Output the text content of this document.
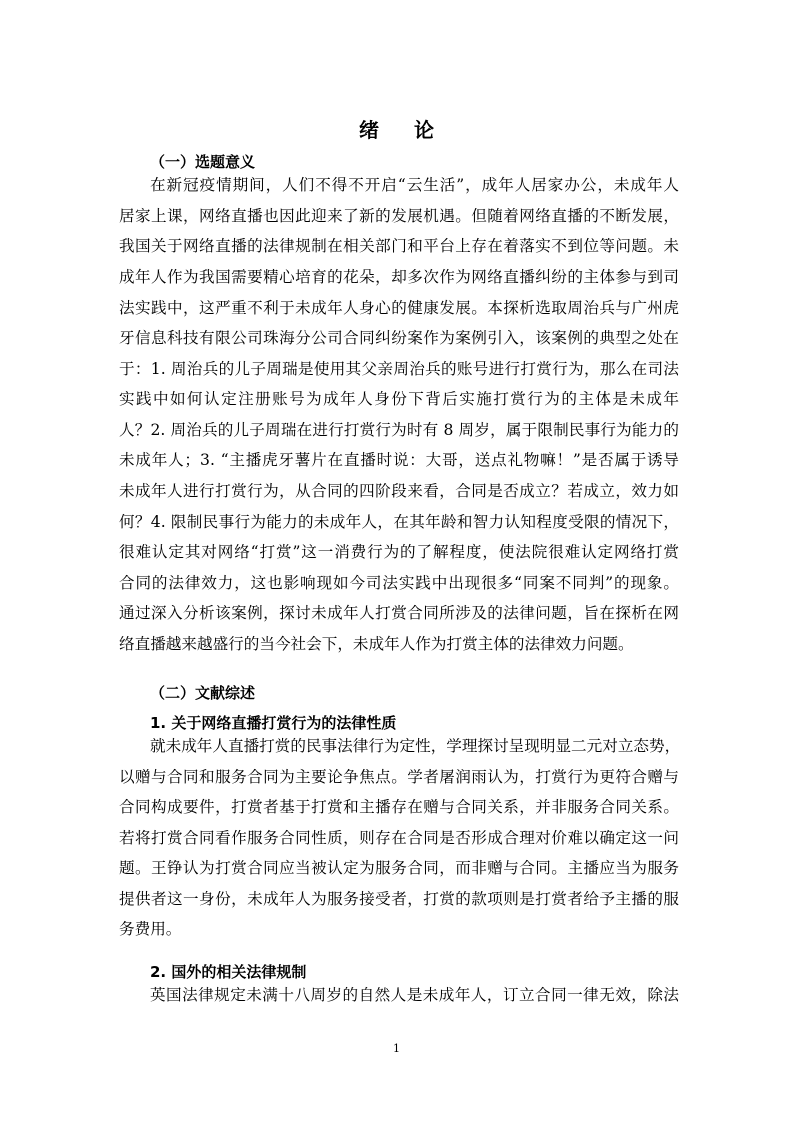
绪 论
（一）选题意义
在新冠疫情期间，人们不得不开启“云生活”，成年人居家办公，未成年人
居家上课，网络直播也因此迎来了新的发展机遇。但随着网络直播的不断发展，
我国关于网络直播的法律规制在相关部门和平台上存在着落实不到位等问题。未
成年人作为我国需要精心培育的花朵，却多次作为网络直播纠纷的主体参与到司
法实践中，这严重不利于未成年人身心的健康发展。本探析选取周治兵与广州虎
牙信息科技有限公司珠海分公司合同纠纷案作为案例引入，该案例的典型之处在
于：1. 周治兵的儿子周瑞是使用其父亲周治兵的账号进行打赏行为，那么在司法
实践中如何认定注册账号为成年人身份下背后实施打赏行为的主体是未成年
人？2. 周治兵的儿子周瑞在进行打赏行为时有 8 周岁，属于限制民事行为能力的
未成年人；3. “主播虎牙薯片在直播时说：大哥，送点礼物嘛！”是否属于诱导
未成年人进行打赏行为，从合同的四阶段来看，合同是否成立？若成立，效力如
何？4. 限制民事行为能力的未成年人，在其年龄和智力认知程度受限的情况下，
很难认定其对网络“打赏”这一消费行为的了解程度，使法院很难认定网络打赏
合同的法律效力，这也影响现如今司法实践中出现很多“同案不同判”的现象。
通过深入分析该案例，探讨未成年人打赏合同所涉及的法律问题，旨在探析在网
络直播越来越盛行的当今社会下，未成年人作为打赏主体的法律效力问题。
（二）文献综述
1. 关于网络直播打赏行为的法律性质
就未成年人直播打赏的民事法律行为定性，学理探讨呈现明显二元对立态势，
以赠与合同和服务合同为主要论争焦点。学者屠润雨认为，打赏行为更符合赠与
合同构成要件，打赏者基于打赏和主播存在赠与合同关系，并非服务合同关系。
若将打赏合同看作服务合同性质，则存在合同是否形成合理对价难以确定这一问
题。王铮认为打赏合同应当被认定为服务合同，而非赠与合同。主播应当为服务
提供者这一身份，未成年人为服务接受者，打赏的款项则是打赏者给予主播的服
务费用。
2. 国外的相关法律规制
英国法律规定未满十八周岁的自然人是未成年人，订立合同一律无效，除法
1
